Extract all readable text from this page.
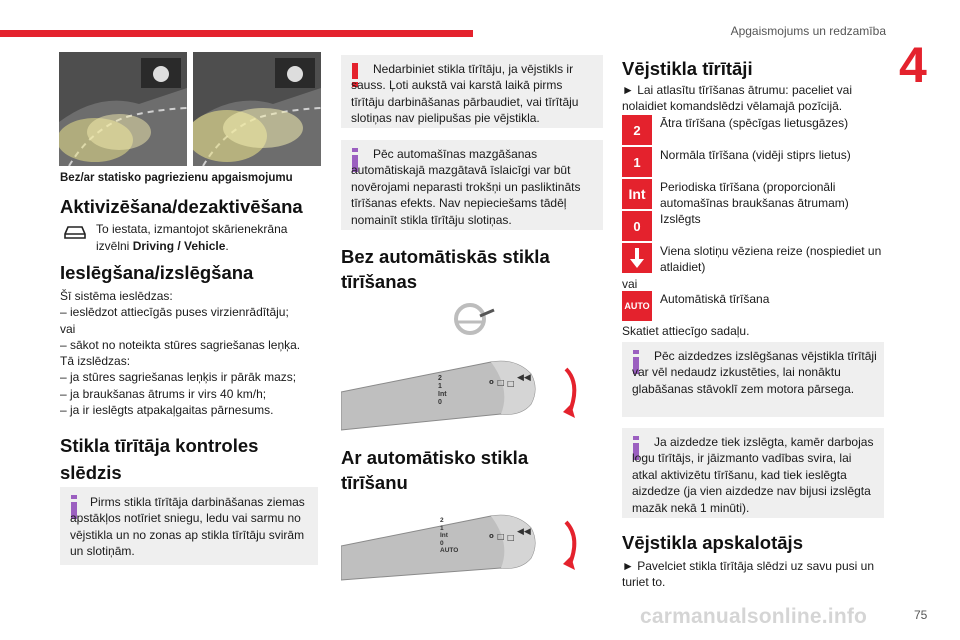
Apgaismojums un redzamība
4
75
carmanualsonline.info
Bez/ar statisko pagriezienu apgaismojumu
Aktivizēšana/dezaktivēšana
To iestata, izmantojot skārienekrāna izvēlni Driving / Vehicle.
Ieslēgšana/izslēgšana
Šī sistēma ieslēdzas:
– ieslēdzot attiecīgās puses virzienrādītāju;
vai
– sākot no noteikta stūres sagriešanas leņķa.
Tā izslēdzas:
– ja stūres sagriešanas leņķis ir pārāk mazs;
– ja braukšanas ātrums ir virs 40 km/h;
– ja ir ieslēgts atpakaļgaitas pārnesums.
Stikla tīrītāja kontroles slēdzis
Pirms stikla tīrītāja darbināšanas ziemas apstākļos notīriet sniegu, ledu vai sarmu no vējstikla un no zonas ap stikla tīrītāju svirām un slotiņām.
Nedarbiniet stikla tīrītāju, ja vējstikls ir sauss. Ļoti aukstā vai karstā laikā pirms tīrītāju darbināšanas pārbaudiet, vai tīrītāju slotiņas nav pielipušas pie vējstikla.
Pēc automašīnas mazgāšanas automātiskajā mazgātavā īslaicīgi var būt novērojami neparasti trokšņi un pasliktināts tīrīšanas efekts. Nav nepieciešams tādēļ nomainīt stikla tīrītāju slotiņas.
Bez automātiskās stikla tīrīšanas
o □ □
◀◀
2
1
Int
0
Ar automātisko stikla tīrīšanu
o □ □
◀◀
2
1
Int
0
AUTO
Vējstikla tīrītāji
► Lai atlasītu tīrīšanas ātrumu: paceliet vai nolaidiet komandslēdzi vēlamajā pozīcijā.
2	Ātra tīrīšana (spēcīgas lietusgāzes)
1	Normāla tīrīšana (vidēji stiprs lietus)
Int	Periodiska tīrīšana (proporcionāli automašīnas braukšanas ātrumam)
0	Izslēgts
Viena slotiņu vēziena reize (nospiediet un atlaidiet)
vai
AUTO Automātiskā tīrīšana
Skatiet attiecīgo sadaļu.
Pēc aizdedzes izslēgšanas vējstikla tīrītāji var vēl nedaudz izkustēties, lai nonāktu glabāšanas stāvoklī zem motora pārsega.
Ja aizdedze tiek izslēgta, kamēr darbojas logu tīrītājs, ir jāizmanto vadības svira, lai atkal aktivizētu tīrīšanu, kad tiek ieslēgta aizdedze (ja vien aizdedze nav bijusi izslēgta mazāk nekā 1 minūti).
Vējstikla apskalotājs
► Pavelciet stikla tīrītāja slēdzi uz savu pusi un turiet to.
